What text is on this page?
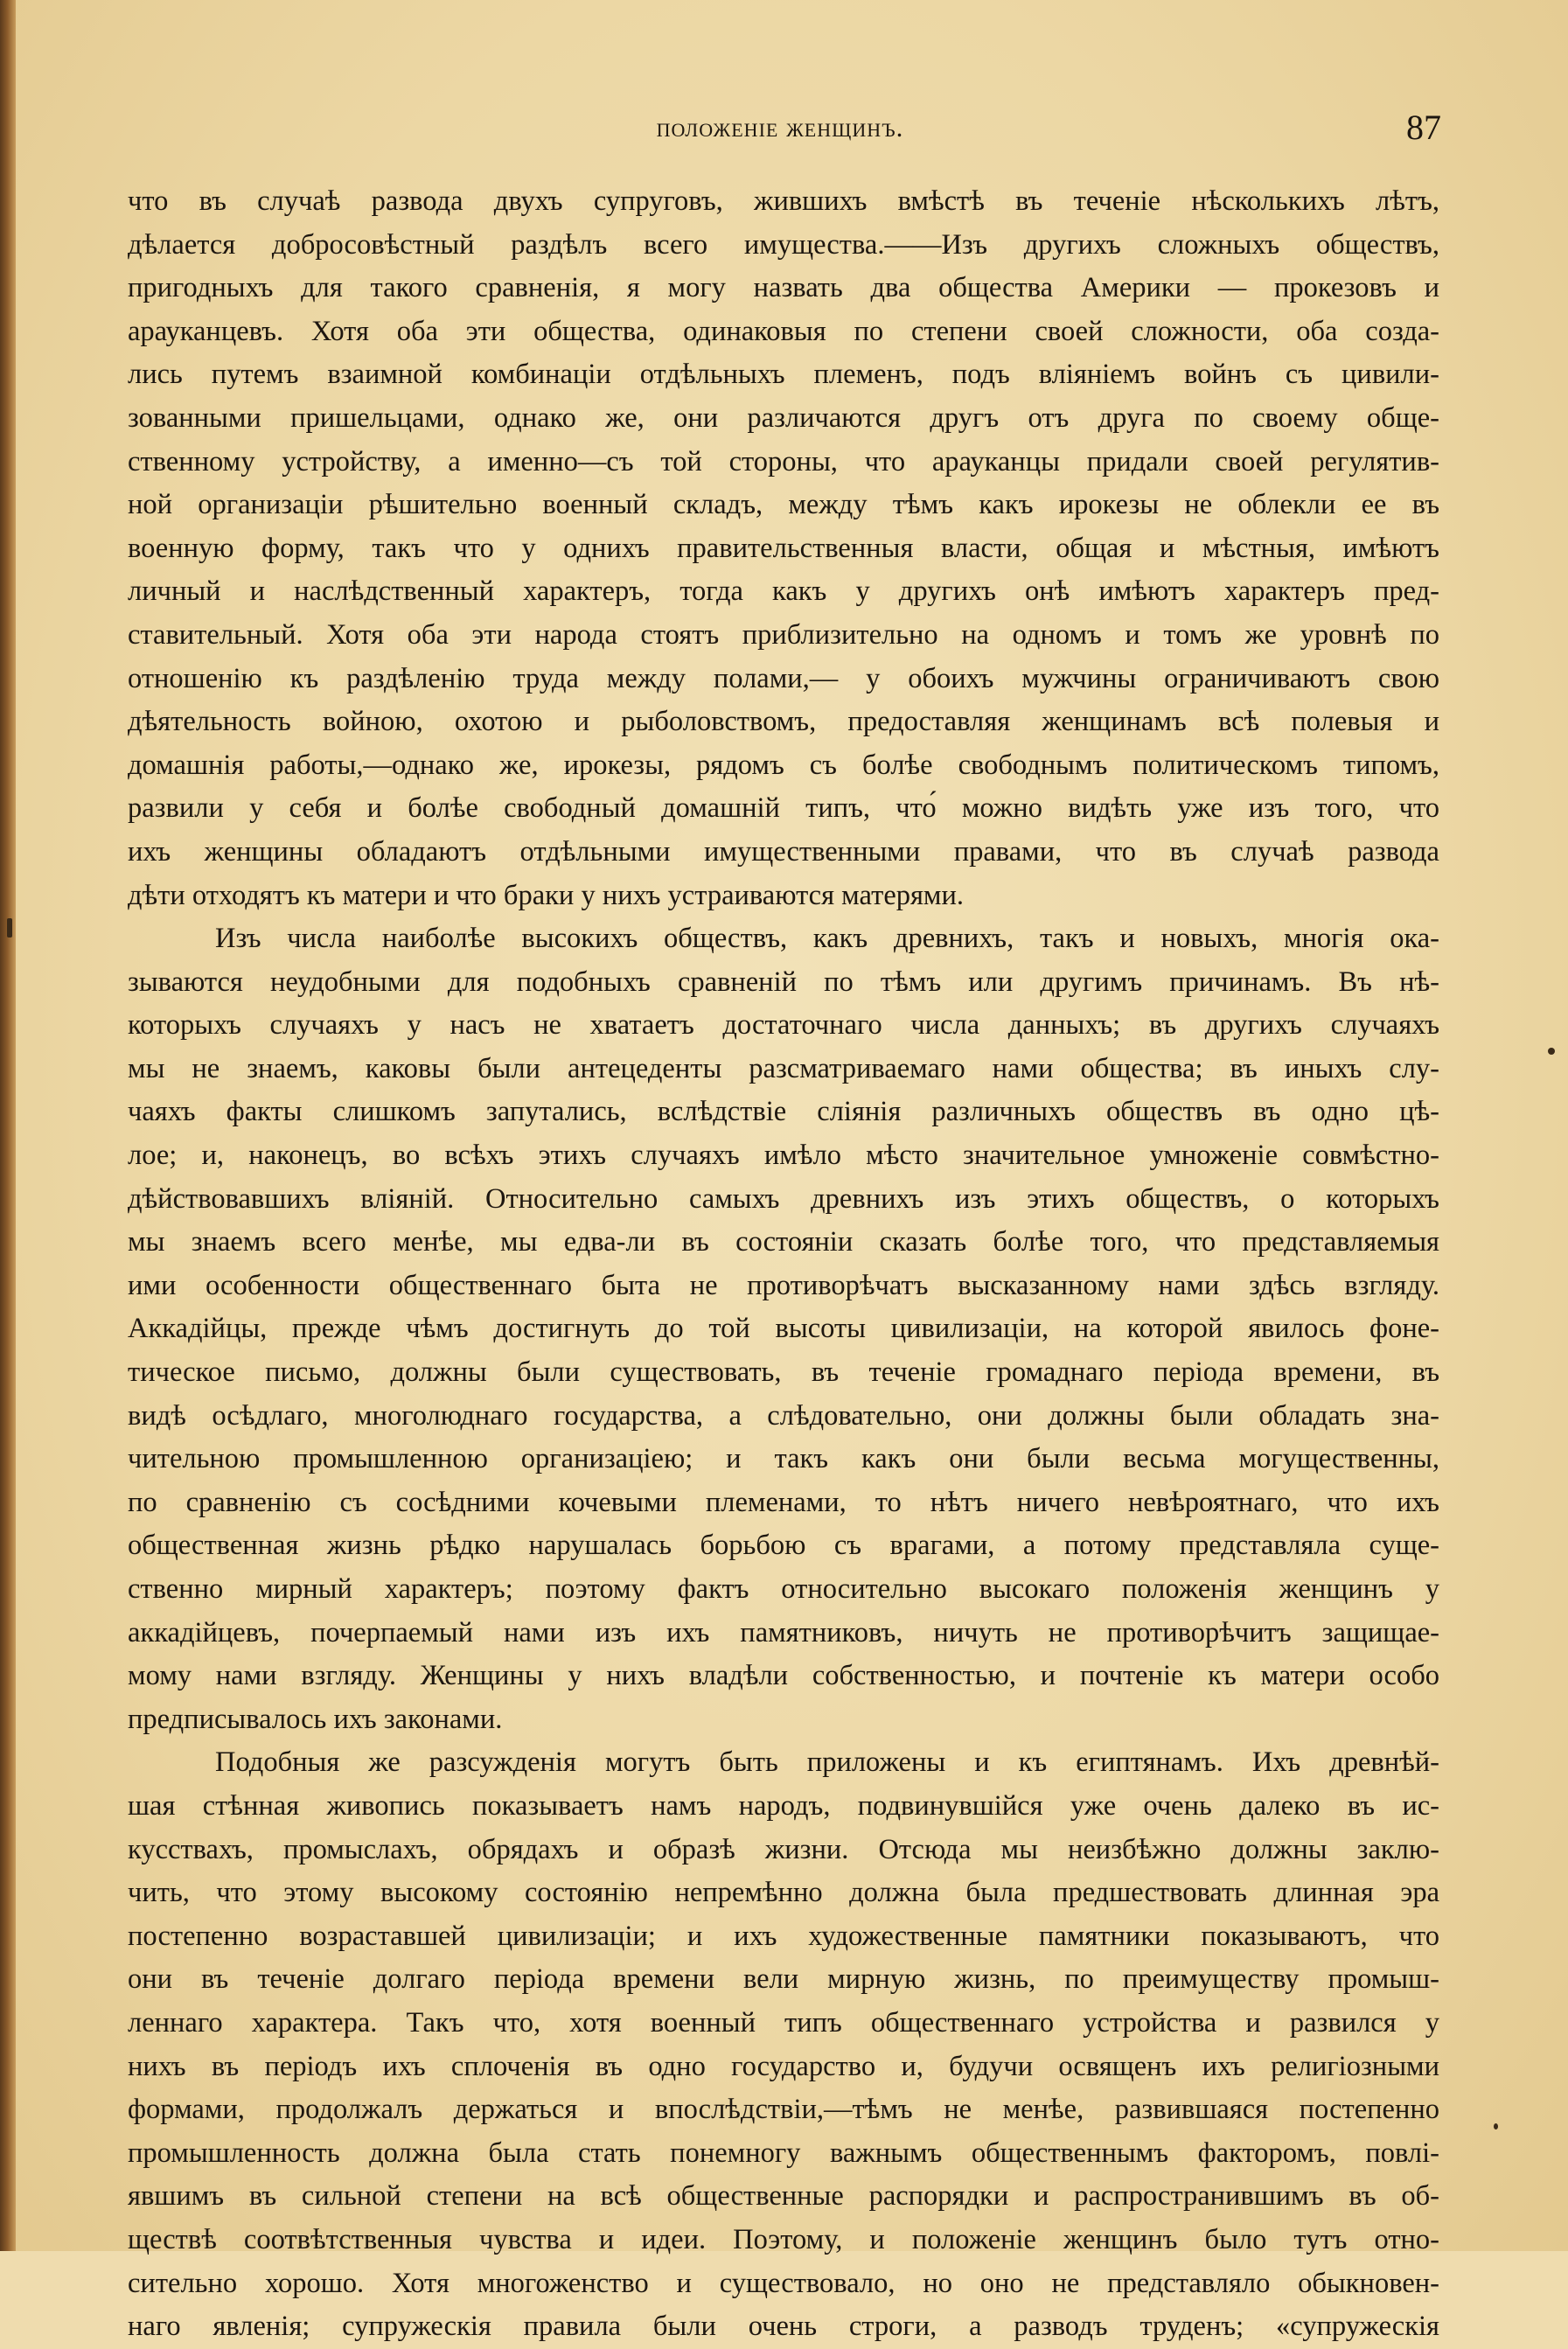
положеніе женщинъ.	87
что въ случаѣ развода двухъ супруговъ, жившихъ вмѣстѣ въ теченіе нѣсколькихъ лѣтъ,
дѣлается добросовѣстный раздѣлъ всего имущества.——Изъ другихъ сложныхъ обществъ,
пригодныхъ для такого сравненія, я могу назвать два общества Америки — прокезовъ и
арауканцевъ. Хотя оба эти общества, одинаковыя по степени своей сложности, оба созда-
лись путемъ взаимной комбинаціи отдѣльныхъ племенъ, подъ вліяніемъ войнъ съ цивили-
зованными пришельцами, однако же, они различаются другъ отъ друга по своему обще-
ственному устройству, а именно—съ той стороны, что арауканцы придали своей регулятив-
ной организаціи рѣшительно военный складъ, между тѣмъ какъ ирокезы не облекли ее въ
военную форму, такъ что у однихъ правительственныя власти, общая и мѣстныя, имѣютъ
личный и наслѣдственный характеръ, тогда какъ у другихъ онѣ имѣютъ характеръ пред-
ставительный. Хотя оба эти народа стоятъ приблизительно на одномъ и томъ же уровнѣ по
отношенію къ раздѣленію труда между полами,— у обоихъ мужчины ограничиваютъ свою
дѣятельность войною, охотою и рыболовствомъ, предоставляя женщинамъ всѣ полевыя и
домашнія работы,—однако же, ирокезы, рядомъ съ болѣе свободнымъ политическомъ типомъ,
развили у себя и болѣе свободный домашній типъ, что́ можно видѣть уже изъ того, что
ихъ женщины обладаютъ отдѣльными имущественными правами, что въ случаѣ развода
дѣти отходятъ къ матери и что браки у нихъ устраиваются матерями.
Изъ числа наиболѣе высокихъ обществъ, какъ древнихъ, такъ и новыхъ, многія ока-
зываются неудобными для подобныхъ сравненій по тѣмъ или другимъ причинамъ. Въ нѣ-
которыхъ случаяхъ у насъ не хватаетъ достаточнаго числа данныхъ; въ другихъ случаяхъ
мы не знаемъ, каковы были антецеденты разсматриваемаго нами общества; въ иныхъ слу-
чаяхъ факты слишкомъ запутались, вслѣдствіе сліянія различныхъ обществъ въ одно цѣ-
лое; и, наконецъ, во всѣхъ этихъ случаяхъ имѣло мѣсто значительное умноженіе совмѣстно-
дѣйствовавшихъ вліяній. Относительно самыхъ древнихъ изъ этихъ обществъ, о которыхъ
мы знаемъ всего менѣе, мы едва-ли въ состояніи сказать болѣе того, что представляемыя
ими особенности общественнаго быта не противорѣчатъ высказанному нами здѣсь взгляду.
Аккадійцы, прежде чѣмъ достигнуть до той высоты цивилизаціи, на которой явилось фоне-
тическое письмо, должны были существовать, въ теченіе громаднаго періода времени, въ
видѣ осѣдлаго, многолюднаго государства, а слѣдовательно, они должны были обладать зна-
чительною промышленною организаціею; и такъ какъ они были весьма могущественны,
по сравненію съ сосѣдними кочевыми племенами, то нѣтъ ничего невѣроятнаго, что ихъ
общественная жизнь рѣдко нарушалась борьбою съ врагами, а потому представляла суще-
ственно мирный характеръ; поэтому фактъ относительно высокаго положенія женщинъ у
аккадійцевъ, почерпаемый нами изъ ихъ памятниковъ, ничуть не противорѣчитъ защищае-
мому нами взгляду. Женщины у нихъ владѣли собственностью, и почтеніе къ матери особо
предписывалось ихъ законами.
Подобныя же разсужденія могутъ быть приложены и къ египтянамъ. Ихъ древнѣй-
шая стѣнная живопись показываетъ намъ народъ, подвинувшійся уже очень далеко въ ис-
кусствахъ, промыслахъ, обрядахъ и образѣ жизни. Отсюда мы неизбѣжно должны заклю-
чить, что этому высокому состоянію непремѣнно должна была предшествовать длинная эра
постепенно возраставшей цивилизаціи; и ихъ художественные памятники показываютъ, что
они въ теченіе долгаго періода времени вели мирную жизнь, по преимуществу промыш-
леннаго характера. Такъ что, хотя военный типъ общественнаго устройства и развился у
нихъ въ періодъ ихъ сплоченія въ одно государство и, будучи освященъ ихъ религіозными
формами, продолжалъ держаться и впослѣдствіи,—тѣмъ не менѣе, развившаяся постепенно
промышленность должна была стать понемногу важнымъ общественнымъ факторомъ, повлі-
явшимъ въ сильной степени на всѣ общественные распорядки и распространившимъ въ об-
ществѣ соотвѣтственныя чувства и идеи. Поэтому, и положеніе женщинъ было тутъ отно-
сительно хорошо. Хотя многоженство и существовало, но оно не представляло обыкновен-
наго явленія; супружескія правила были очень строги, а разводъ труденъ; «супружескія
